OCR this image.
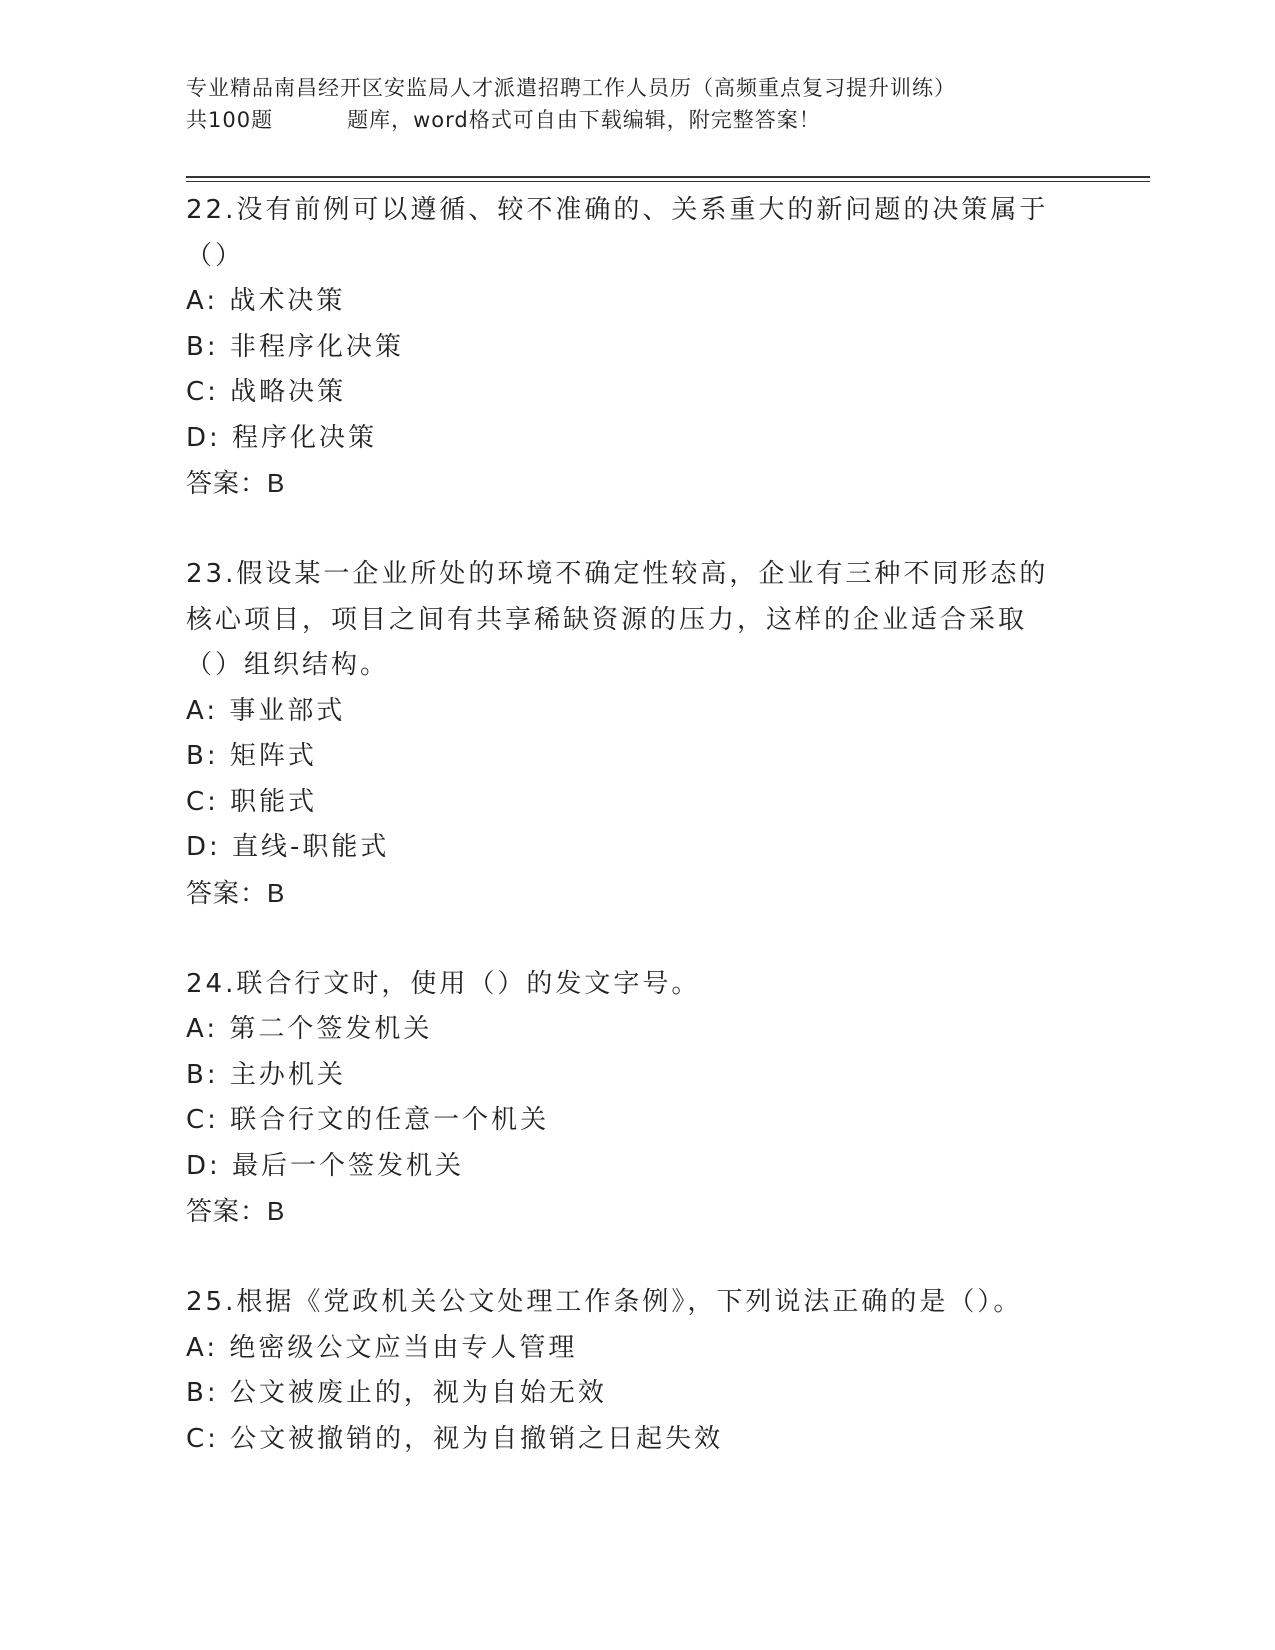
专业精品南昌经开区安监局人才派遣招聘工作人员历（高频重点复习提升训练）
共100题	题库，word格式可自由下载编辑，附完整答案！
22.没有前例可以遵循、较不准确的、关系重大的新问题的决策属于（）
A: 战术决策
B: 非程序化决策
C: 战略决策
D: 程序化决策
答案：B
23.假设某一企业所处的环境不确定性较高，企业有三种不同形态的核心项目，项目之间有共享稀缺资源的压力，这样的企业适合采取（）组织结构。
A: 事业部式
B: 矩阵式
C: 职能式
D: 直线-职能式
答案：B
24.联合行文时，使用（）的发文字号。
A: 第二个签发机关
B: 主办机关
C: 联合行文的任意一个机关
D: 最后一个签发机关
答案：B
25.根据《党政机关公文处理工作条例》，下列说法正确的是（）。
A: 绝密级公文应当由专人管理
B: 公文被废止的，视为自始无效
C: 公文被撤销的，视为自撤销之日起失效
